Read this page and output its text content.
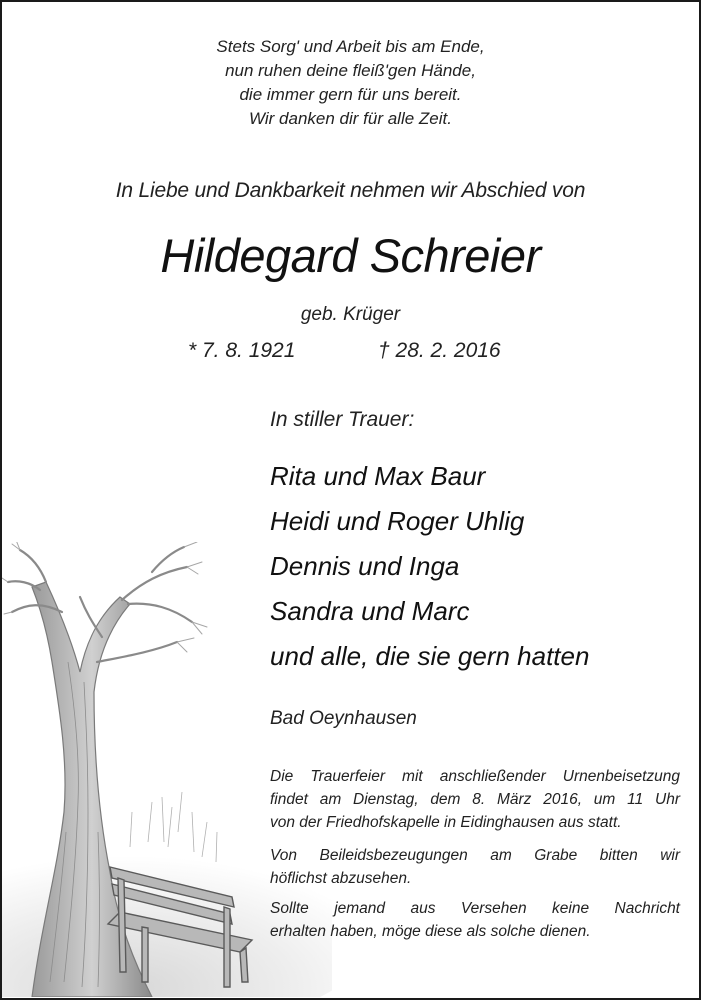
Stets Sorg' und Arbeit bis am Ende,
nun ruhen deine fleiß'gen Hände,
die immer gern für uns bereit.
Wir danken dir für alle Zeit.
In Liebe und Dankbarkeit nehmen wir Abschied von
Hildegard Schreier
geb. Krüger
* 7. 8. 1921	† 28. 2. 2016
In stiller Trauer:
Rita und Max Baur
Heidi und Roger Uhlig
Dennis und Inga
Sandra und Marc
und alle, die sie gern hatten
Bad Oeynhausen
Die Trauerfeier mit anschließender Urnenbeisetzung
findet am Dienstag, dem 8. März 2016, um 11 Uhr
von der Friedhofskapelle in Eidinghausen aus statt.
Von Beileidsbezeugungen am Grabe bitten wir
höflichst abzusehen.
Sollte jemand aus Versehen keine Nachricht
erhalten haben, möge diese als solche dienen.
